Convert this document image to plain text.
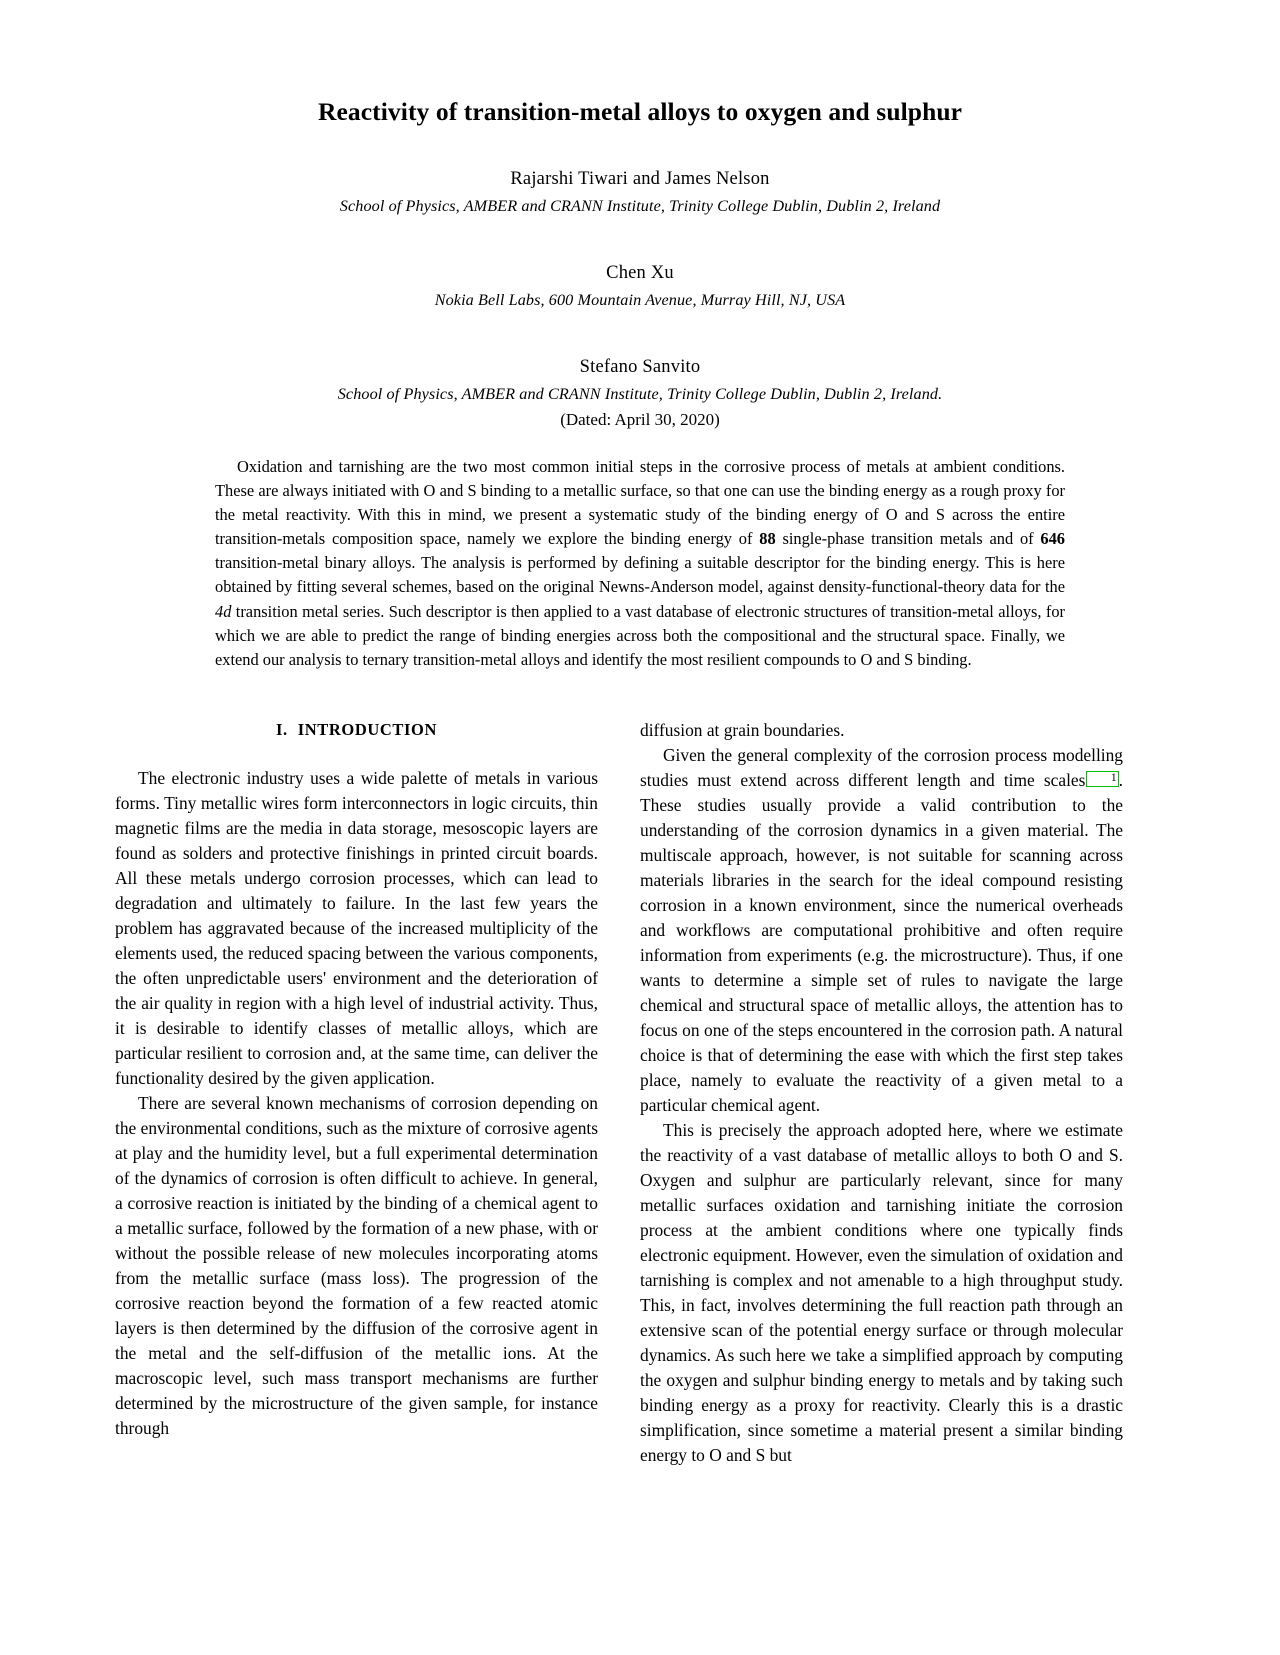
Reactivity of transition-metal alloys to oxygen and sulphur
Rajarshi Tiwari and James Nelson
School of Physics, AMBER and CRANN Institute, Trinity College Dublin, Dublin 2, Ireland
Chen Xu
Nokia Bell Labs, 600 Mountain Avenue, Murray Hill, NJ, USA
Stefano Sanvito
School of Physics, AMBER and CRANN Institute, Trinity College Dublin, Dublin 2, Ireland.
(Dated: April 30, 2020)
Oxidation and tarnishing are the two most common initial steps in the corrosive process of metals at ambient conditions. These are always initiated with O and S binding to a metallic surface, so that one can use the binding energy as a rough proxy for the metal reactivity. With this in mind, we present a systematic study of the binding energy of O and S across the entire transition-metals composition space, namely we explore the binding energy of 88 single-phase transition metals and of 646 transition-metal binary alloys. The analysis is performed by defining a suitable descriptor for the binding energy. This is here obtained by fitting several schemes, based on the original Newns-Anderson model, against density-functional-theory data for the 4d transition metal series. Such descriptor is then applied to a vast database of electronic structures of transition-metal alloys, for which we are able to predict the range of binding energies across both the compositional and the structural space. Finally, we extend our analysis to ternary transition-metal alloys and identify the most resilient compounds to O and S binding.
I. INTRODUCTION

The electronic industry uses a wide palette of metals in various forms. Tiny metallic wires form interconnectors in logic circuits, thin magnetic films are the media in data storage, mesoscopic layers are found as solders and protective finishings in printed circuit boards. All these metals undergo corrosion processes, which can lead to degradation and ultimately to failure. In the last few years the problem has aggravated because of the increased multiplicity of the elements used, the reduced spacing between the various components, the often unpredictable users' environment and the deterioration of the air quality in region with a high level of industrial activity. Thus, it is desirable to identify classes of metallic alloys, which are particular resilient to corrosion and, at the same time, can deliver the functionality desired by the given application.

There are several known mechanisms of corrosion depending on the environmental conditions, such as the mixture of corrosive agents at play and the humidity level, but a full experimental determination of the dynamics of corrosion is often difficult to achieve. In general, a corrosive reaction is initiated by the binding of a chemical agent to a metallic surface, followed by the formation of a new phase, with or without the possible release of new molecules incorporating atoms from the metallic surface (mass loss). The progression of the corrosive reaction beyond the formation of a few reacted atomic layers is then determined by the diffusion of the corrosive agent in the metal and the self-diffusion of the metallic ions. At the macroscopic level, such mass transport mechanisms are further determined by the microstructure of the given sample, for instance through

diffusion at grain boundaries.

Given the general complexity of the corrosion process modelling studies must extend across different length and time scales 1 . These studies usually provide a valid contribution to the understanding of the corrosion dynamics in a given material. The multiscale approach, however, is not suitable for scanning across materials libraries in the search for the ideal compound resisting corrosion in a known environment, since the numerical overheads and workflows are computational prohibitive and often require information from experiments (e.g. the microstructure). Thus, if one wants to determine a simple set of rules to navigate the large chemical and structural space of metallic alloys, the attention has to focus on one of the steps encountered in the corrosion path. A natural choice is that of determining the ease with which the first step takes place, namely to evaluate the reactivity of a given metal to a particular chemical agent.

This is precisely the approach adopted here, where we estimate the reactivity of a vast database of metallic alloys to both O and S. Oxygen and sulphur are particularly relevant, since for many metallic surfaces oxidation and tarnishing initiate the corrosion process at the ambient conditions where one typically finds electronic equipment. However, even the simulation of oxidation and tarnishing is complex and not amenable to a high throughput study. This, in fact, involves determining the full reaction path through an extensive scan of the potential energy surface or through molecular dynamics. As such here we take a simplified approach by computing the oxygen and sulphur binding energy to metals and by taking such binding energy as a proxy for reactivity. Clearly this is a drastic simplification, since sometime a material present a similar binding energy to O and S but
